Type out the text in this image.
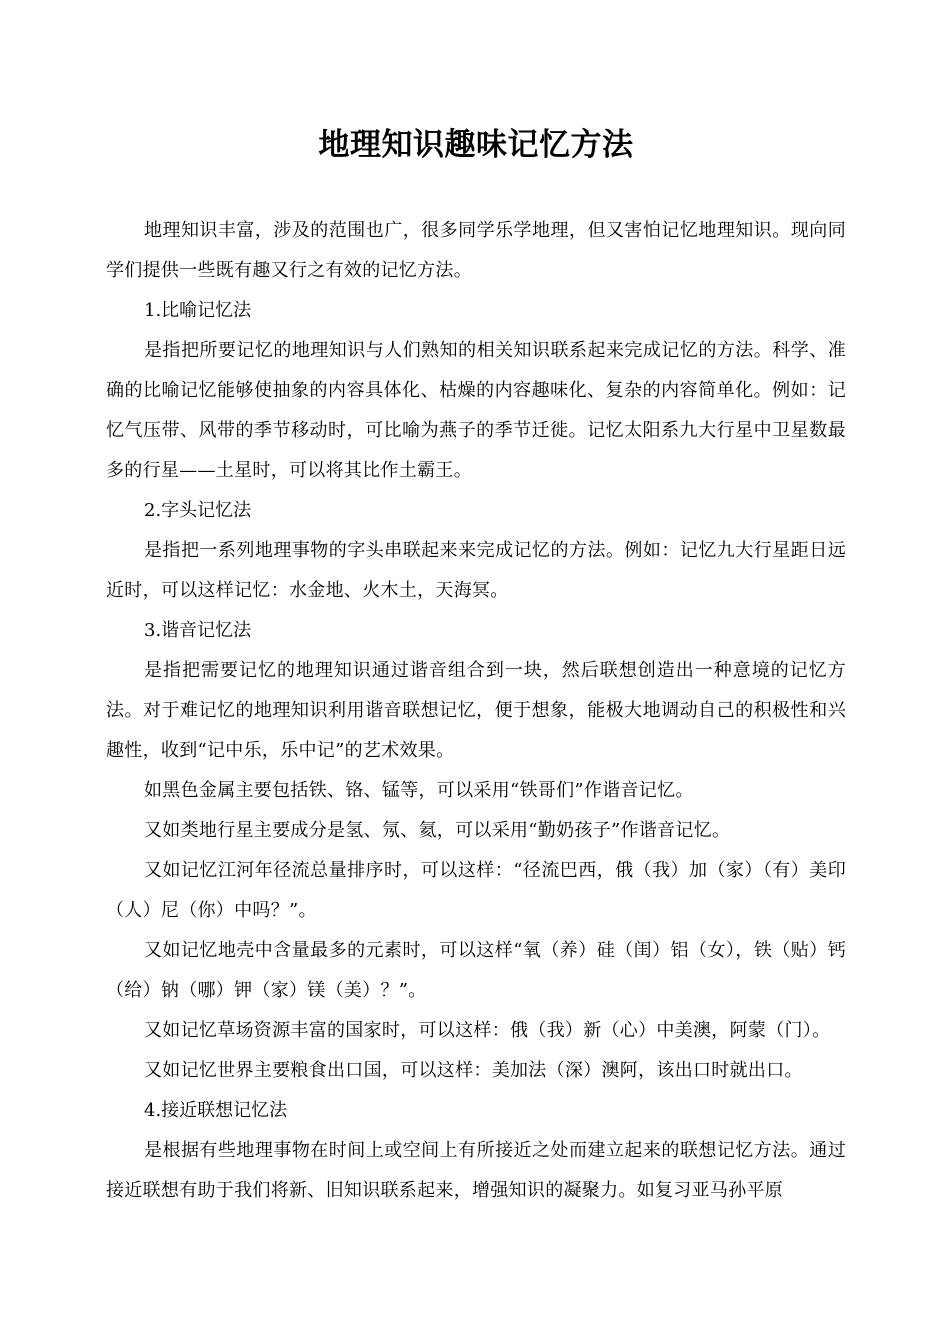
地理知识趣味记忆方法

地理知识丰富，涉及的范围也广，很多同学乐学地理，但又害怕记忆地理知识。现向同学们提供一些既有趣又行之有效的记忆方法。

1.比喻记忆法

是指把所要记忆的地理知识与人们熟知的相关知识联系起来完成记忆的方法。科学、准确的比喻记忆能够使抽象的内容具体化、枯燥的内容趣味化、复杂的内容简单化。例如：记忆气压带、风带的季节移动时，可比喻为燕子的季节迁徙。记忆太阳系九大行星中卫星数最多的行星——土星时，可以将其比作土霸王。

2.字头记忆法

是指把一系列地理事物的字头串联起来来完成记忆的方法。例如：记忆九大行星距日远近时，可以这样记忆：水金地、火木土，天海冥。

3.谐音记忆法

是指把需要记忆的地理知识通过谐音组合到一块，然后联想创造出一种意境的记忆方法。对于难记忆的地理知识利用谐音联想记忆，便于想象，能极大地调动自己的积极性和兴趣性，收到“记中乐，乐中记”的艺术效果。

如黑色金属主要包括铁、铬、锰等，可以采用“铁哥们”作谐音记忆。

又如类地行星主要成分是氢、氖、氦，可以采用“勤奶孩子”作谐音记忆。

又如记忆江河年径流总量排序时，可以这样：“径流巴西，俄（我）加（家）（有）美印（人）尼（你）中吗？”。

又如记忆地壳中含量最多的元素时，可以这样“氧（养）硅（闺）铝（女），铁（贴）钙（给）钠（哪）钾（家）镁（美）？”。

又如记忆草场资源丰富的国家时，可以这样：俄（我）新（心）中美澳，阿蒙（门）。

又如记忆世界主要粮食出口国，可以这样：美加法（深）澳阿，该出口时就出口。

4.接近联想记忆法

是根据有些地理事物在时间上或空间上有所接近之处而建立起来的联想记忆方法。通过接近联想有助于我们将新、旧知识联系起来，增强知识的凝聚力。如复习亚马孙平原
